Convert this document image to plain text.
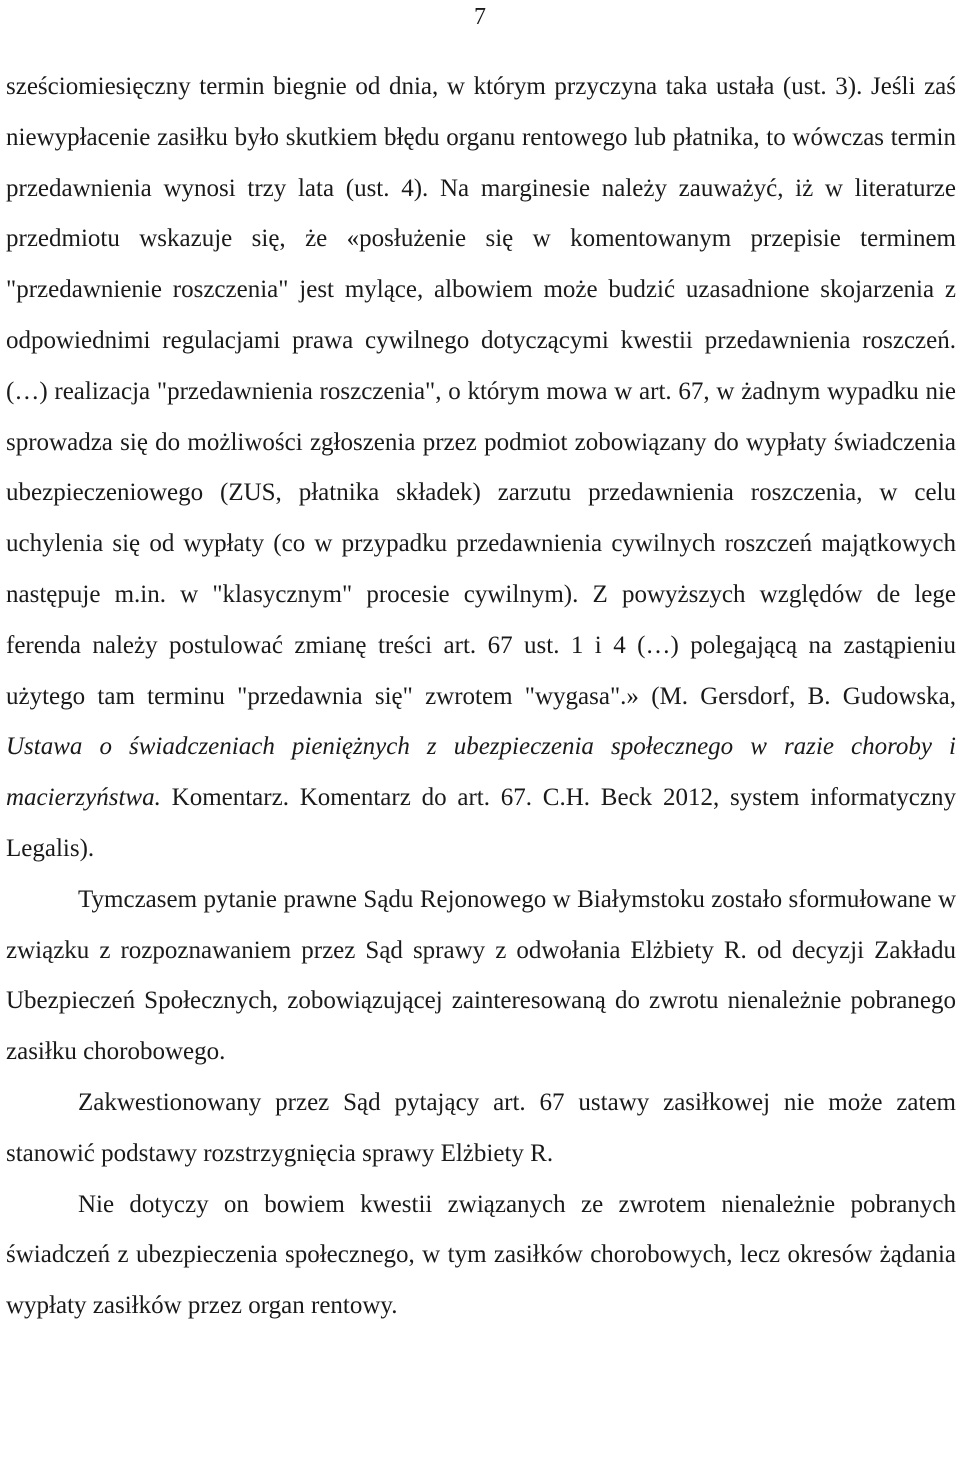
7

sześciomiesięczny termin biegnie od dnia, w którym przyczyna taka ustała (ust. 3). Jeśli zaś niewypłacenie zasiłku było skutkiem błędu organu rentowego lub płatnika, to wówczas termin przedawnienia wynosi trzy lata (ust. 4). Na marginesie należy zauważyć, iż w literaturze przedmiotu wskazuje się, że «posłużenie się w komentowanym przepisie terminem "przedawnienie roszczenia" jest mylące, albowiem może budzić uzasadnione skojarzenia z odpowiednimi regulacjami prawa cywilnego dotyczącymi kwestii przedawnienia roszczeń.(…) realizacja "przedawnienia roszczenia", o którym mowa w art. 67, w żadnym wypadku nie sprowadza się do możliwości zgłoszenia przez podmiot zobowiązany do wypłaty świadczenia ubezpieczeniowego (ZUS, płatnika składek) zarzutu przedawnienia roszczenia, w celu uchylenia się od wypłaty (co w przypadku przedawnienia cywilnych roszczeń majątkowych następuje m.in. w "klasycznym" procesie cywilnym). Z powyższych względów de lege ferenda należy postulować zmianę treści art. 67 ust. 1 i 4 (…) polegającą na zastąpieniu użytego tam terminu "przedawnia się" zwrotem "wygasa".» (M. Gersdorf, B. Gudowska, Ustawa o świadczeniach pieniężnych z ubezpieczenia społecznego w razie choroby i macierzyństwa. Komentarz. Komentarz do art. 67. C.H. Beck 2012, system informatyczny Legalis).

Tymczasem pytanie prawne Sądu Rejonowego w Białymstoku zostało sformułowane w związku z rozpoznawaniem przez Sąd sprawy z odwołania Elżbiety R. od decyzji Zakładu Ubezpieczeń Społecznych, zobowiązującej zainteresowaną do zwrotu nienależnie pobranego zasiłku chorobowego.

Zakwestionowany przez Sąd pytający art. 67 ustawy zasiłkowej nie może zatem stanowić podstawy rozstrzygnięcia sprawy Elżbiety R.

Nie dotyczy on bowiem kwestii związanych ze zwrotem nienależnie pobranych świadczeń z ubezpieczenia społecznego, w tym zasiłków chorobowych, lecz okresów żądania wypłaty zasiłków przez organ rentowy.
